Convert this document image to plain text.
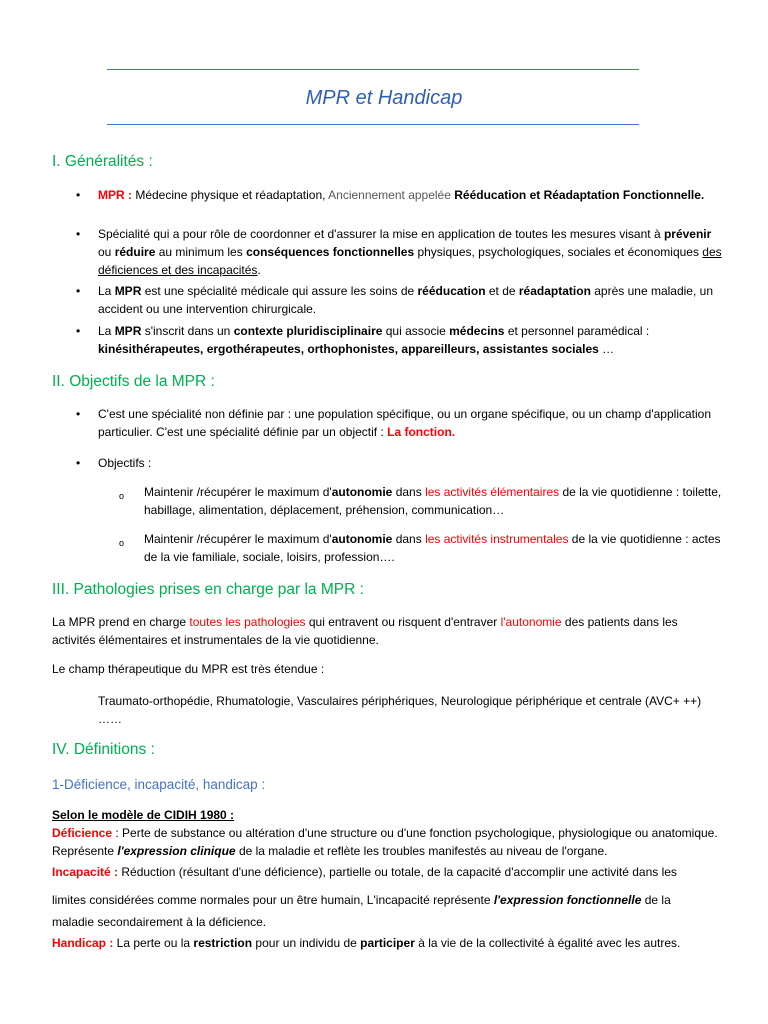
MPR et Handicap
I. Généralités :
• MPR : Médecine physique et réadaptation, Anciennement appelée Rééducation et Réadaptation Fonctionnelle.
• Spécialité qui a pour rôle de coordonner et d'assurer la mise en application de toutes les mesures visant à prévenir ou réduire au minimum les conséquences fonctionnelles physiques, psychologiques, sociales et économiques des déficiences et des incapacités.
• La MPR est une spécialité médicale qui assure les soins de rééducation et de réadaptation après une maladie, un accident ou une intervention chirurgicale.
• La MPR s'inscrit dans un contexte pluridisciplinaire qui associe médecins et personnel paramédical : kinésithérapeutes, ergothérapeutes, orthophonistes, appareilleurs, assistantes sociales …
II. Objectifs de la MPR :
• C'est une spécialité non définie par : une population spécifique, ou un organe spécifique, ou un champ d'application particulier. C'est une spécialité définie par un objectif : La fonction.
• Objectifs :
o Maintenir /récupérer le maximum d'autonomie dans les activités élémentaires de la vie quotidienne : toilette, habillage, alimentation, déplacement, préhension, communication…
o Maintenir /récupérer le maximum d'autonomie dans les activités instrumentales de la vie quotidienne : actes de la vie familiale, sociale, loisirs, profession….
III. Pathologies prises en charge par la MPR :
La MPR prend en charge toutes les pathologies qui entravent ou risquent d'entraver l'autonomie des patients dans les activités élémentaires et instrumentales de la vie quotidienne.
Le champ thérapeutique du MPR est très étendue :
Traumato-orthopédie, Rhumatologie, Vasculaires périphériques, Neurologique périphérique et centrale (AVC+ ++) ……
IV. Définitions :
1-Déficience, incapacité, handicap :
Selon le modèle de CIDIH 1980 :
Déficience : Perte de substance ou altération d'une structure ou d'une fonction psychologique, physiologique ou anatomique. Représente l'expression clinique de la maladie et reflète les troubles manifestés au niveau de l'organe.
Incapacité : Réduction (résultant d'une déficience), partielle ou totale, de la capacité d'accomplir une activité dans les
limites considérées comme normales pour un être humain, L'incapacité représente l'expression fonctionnelle de la
maladie secondairement à la déficience.
Handicap : La perte ou la restriction pour un individu de participer à la vie de la collectivité à égalité avec les autres.
